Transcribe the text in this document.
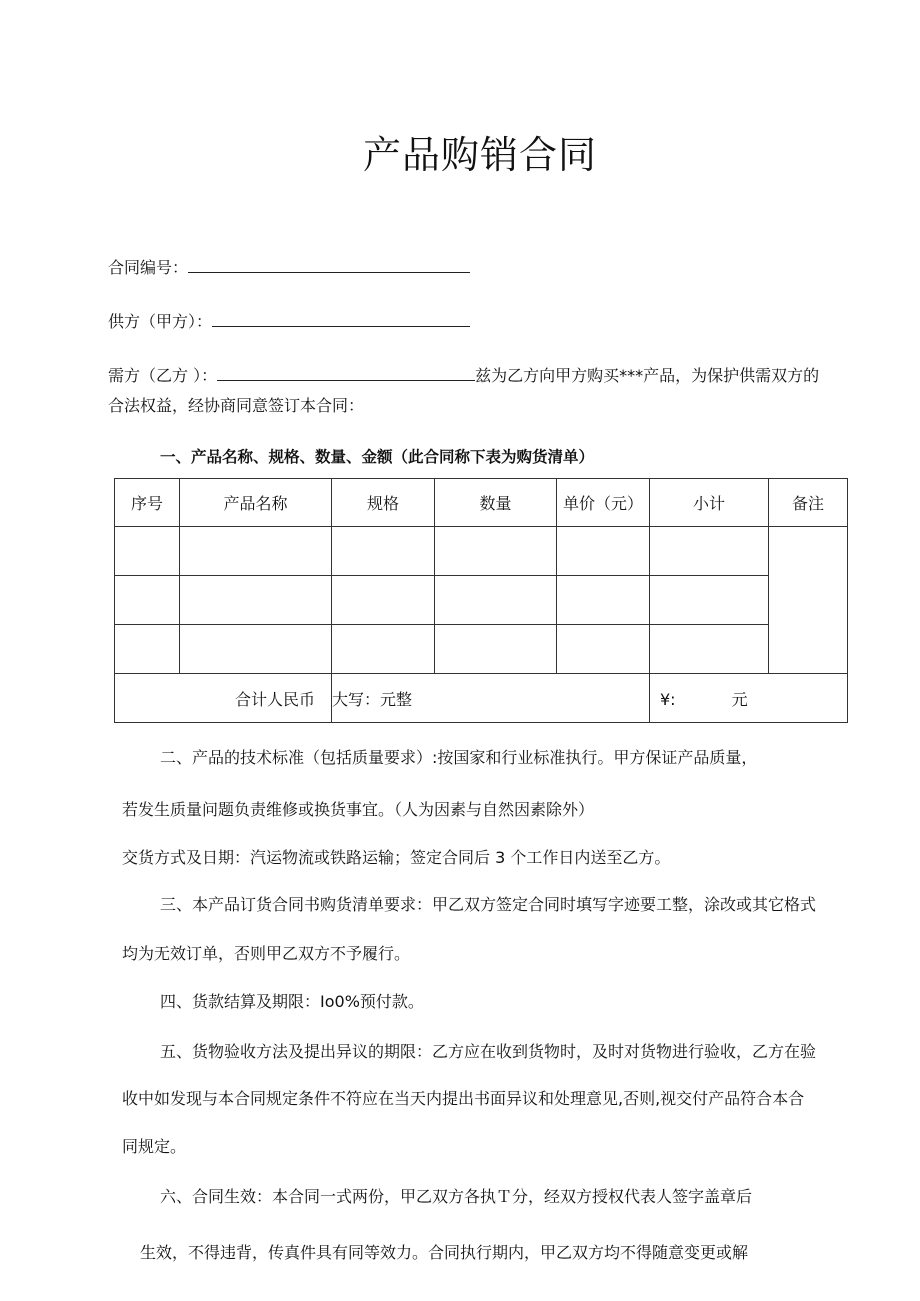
产品购销合同
合同编号：
供方（甲方）：
需方（乙方 ）：	兹为乙方向甲方购买***产品，为保护供需双方的
合法权益，经协商同意签订本合同：
一、产品名称、规格、数量、金额（此合同称下表为购货清单）
序号	产品名称	规格	数量	单价（元）	小计	备注

合计人民币		大写：元整			¥: 元	
二、产品的技术标准（包括质量要求）:按国家和行业标准执行。甲方保证产品质量，
若发生质量问题负责维修或换货事宜。（人为因素与自然因素除外）
交货方式及日期：汽运物流或铁路运输；签定合同后 3 个工作日内送至乙方。
三、本产品订货合同书购货清单要求：甲乙双方签定合同时填写字迹要工整，涂改或其它格式
均为无效订单，否则甲乙双方不予履行。
四、货款结算及期限：Io0%预付款。
五、货物验收方法及提出异议的期限：乙方应在收到货物时，及时对货物进行验收，乙方在验
收中如发现与本合同规定条件不符应在当天内提出书面异议和处理意见,否则,视交付产品符合本合
同规定。
六、合同生效：本合同一式两份，甲乙双方各执Ｔ分，经双方授权代表人签字盖章后
生效，不得违背，传真件具有同等效力。合同执行期内，甲乙双方均不得随意变更或解
